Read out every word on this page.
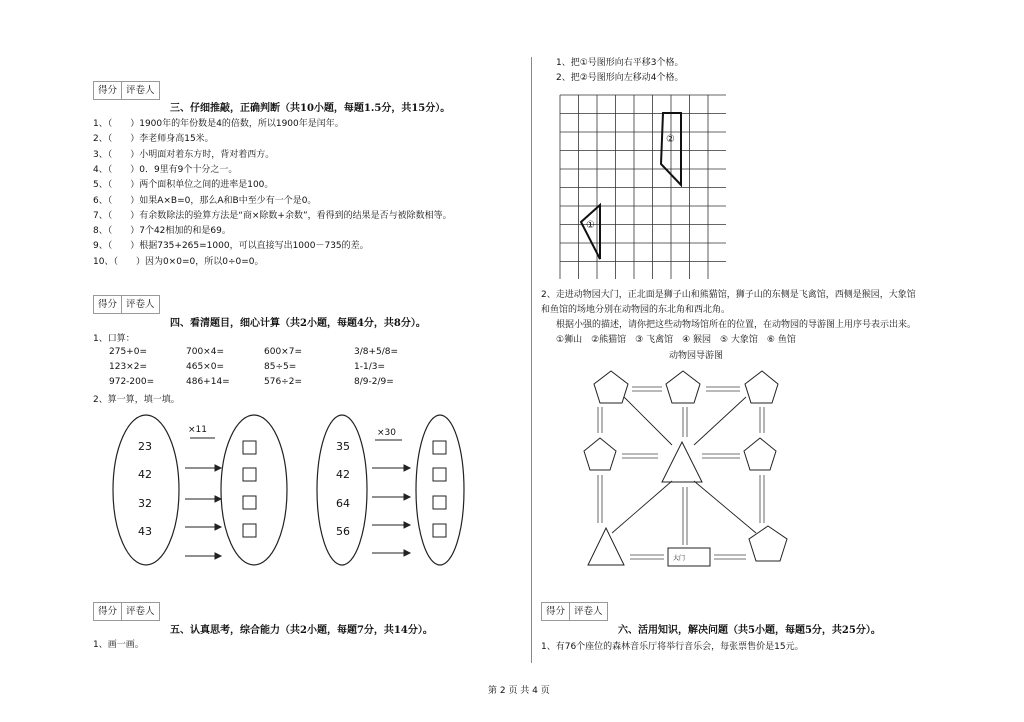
得分 评卷人
三、仔细推敲，正确判断（共10小题，每题1.5分，共15分）。
1、（　　）1900年的年份数是4的倍数，所以1900年是闰年。
2、（　　）李老师身高15米。
3、（　　）小明面对着东方时，背对着西方。
4、（　　）0．9里有9个十分之一。
5、（　　）两个面积单位之间的进率是100。
6、（　　）如果A×B=0，那么A和B中至少有一个是0。
7、（　　）有余数除法的验算方法是“商×除数+余数”，看得到的结果是否与被除数相等。
8、（　　）7个42相加的和是69。
9、（　　）根据735+265=1000，可以直接写出1000－735的差。
10、（　　）因为0×0=0，所以0÷0=0。
得分 评卷人
四、看清题目，细心计算（共2小题，每题4分，共8分）。
1、口算：
275+0=	700×4=	600×7=	3/8+5/8=
123×2=	465×0=	85÷5=	1-1/3=
972-200=	486+14=	576÷2=	8/9-2/9=
2、算一算，填一填。
×11	×30
23
42
32
43
35
42
64
56
得分 评卷人
五、认真思考，综合能力（共2小题，每题7分，共14分）。
1、画一画。
1、把①号图形向右平移3个格。
2、把②号图形向左移动4个格。
②
①
2、走进动物园大门，正北面是狮子山和熊猫馆，狮子山的东侧是飞禽馆，西侧是猴园，大象馆
和鱼馆的场地分别在动物园的东北角和西北角。
根据小强的描述，请你把这些动物场馆所在的位置，在动物园的导游图上用序号表示出来。
①狮山　②熊猫馆　③ 飞禽馆　④ 猴园　⑤ 大象馆　⑥ 鱼馆
动物园导游图
大门
得分 评卷人
六、活用知识，解决问题（共5小题，每题5分，共25分）。
1、有76个座位的森林音乐厅将举行音乐会，每张票售价是15元。
第 2 页 共 4 页
